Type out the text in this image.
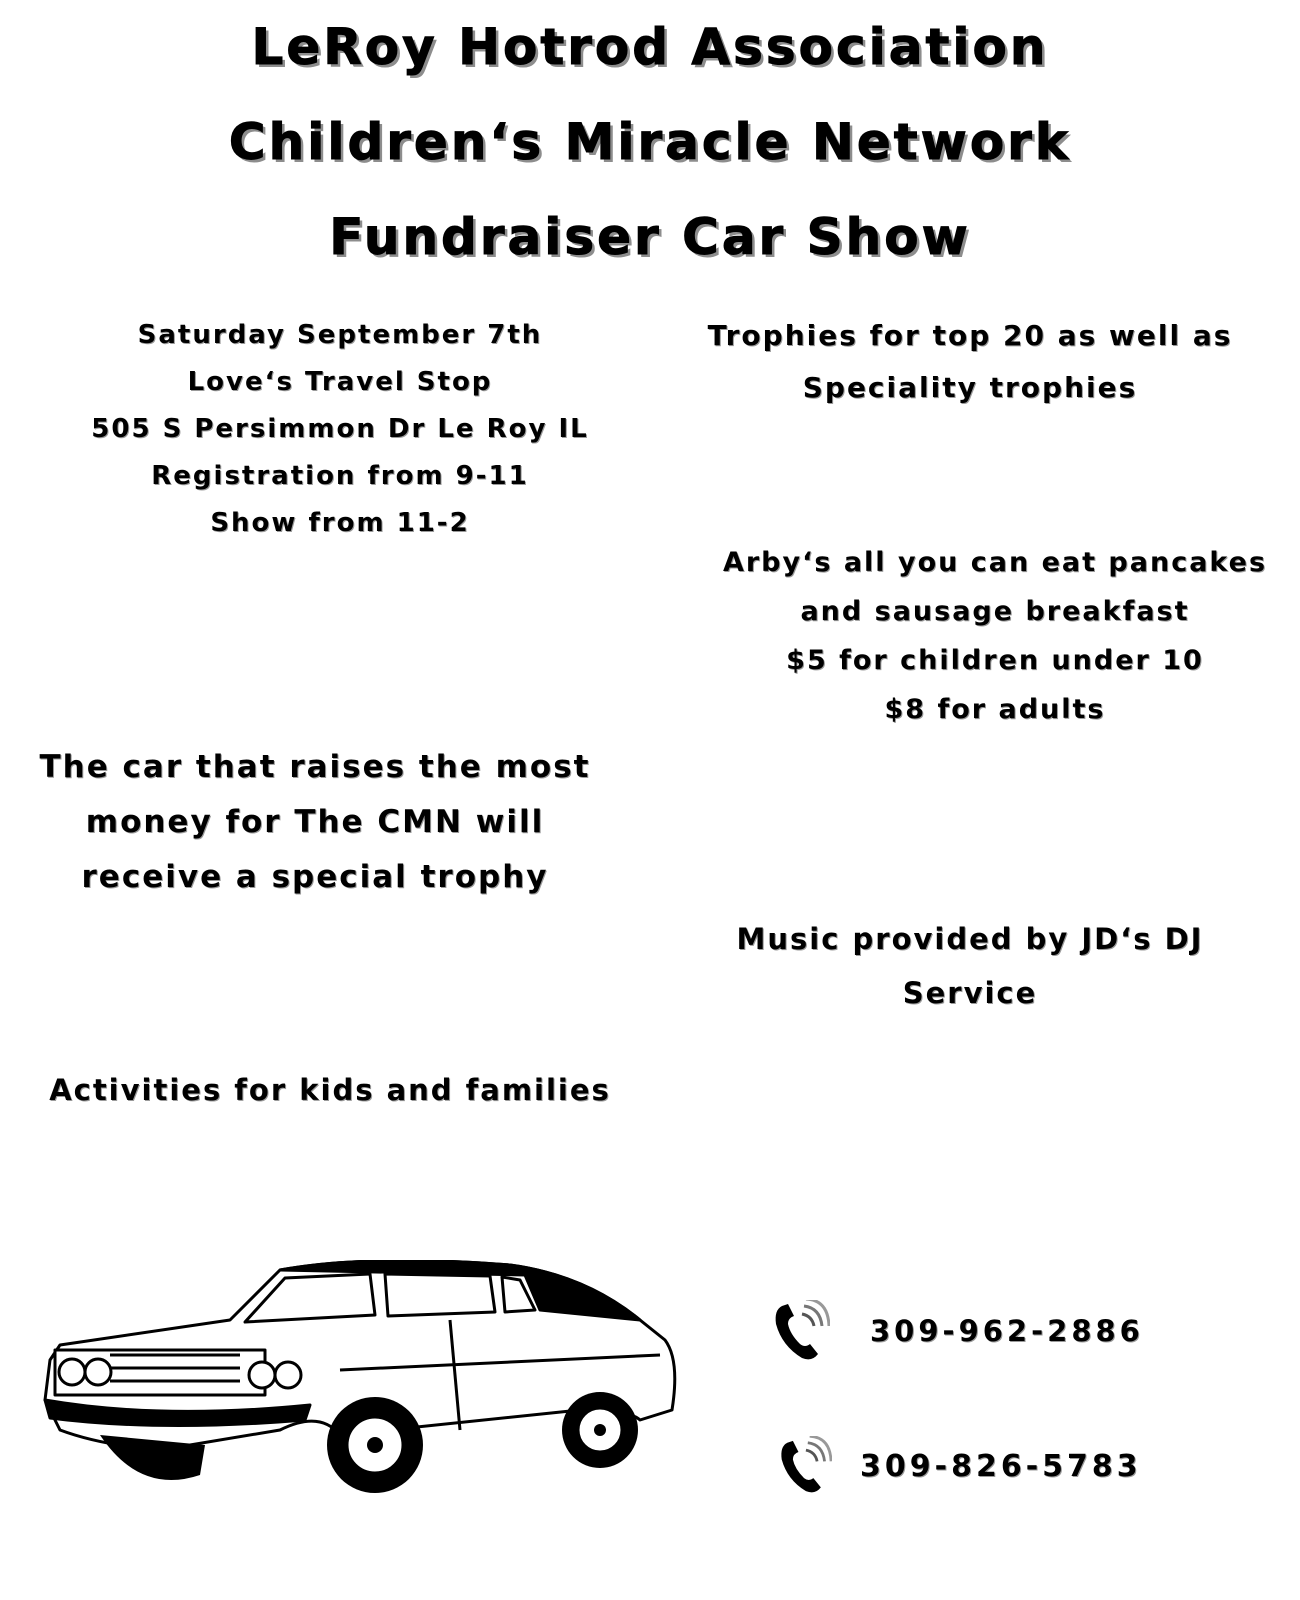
LeRoy Hotrod Association
Children‘s Miracle Network
Fundraiser Car Show
Saturday September 7th
Love‘s Travel Stop
505 S Persimmon Dr Le Roy IL
Registration from 9-11
Show from 11-2
Trophies for top 20 as well as
Speciality trophies
Arby‘s all you can eat pancakes
and sausage breakfast
$5 for children under 10
$8 for adults
The car that raises the most
money for The CMN will
receive a special trophy
Music provided by JD‘s DJ
Service
Activities for kids and families
309-962-2886
309-826-5783
